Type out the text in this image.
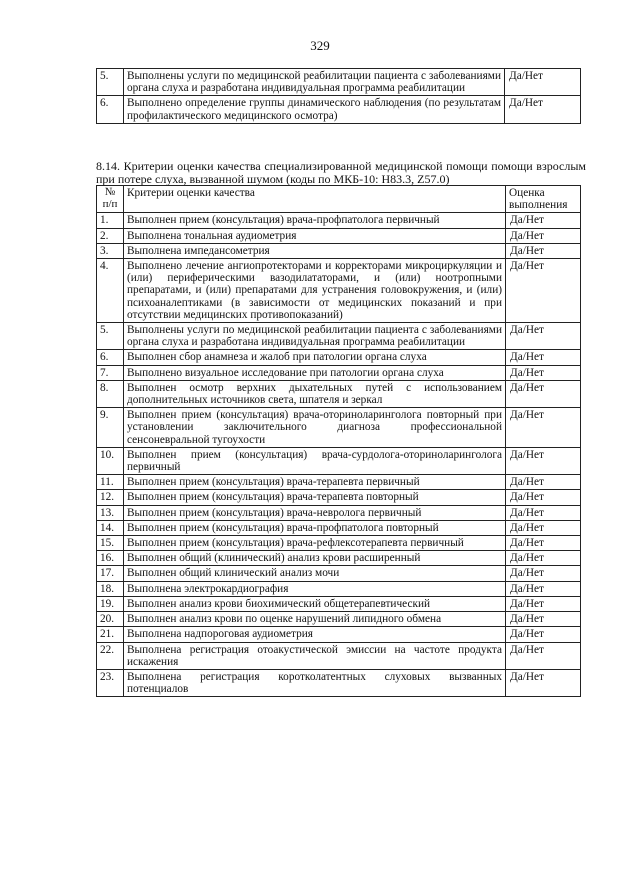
329
5.	Выполнены услуги по медицинской реабилитации пациента с заболеваниями органа слуха и разработана индивидуальная программа реабилитации	Да/Нет
6.	Выполнено определение группы динамического наблюдения (по результатам профилактического медицинского осмотра)	Да/Нет
8.14. Критерии оценки качества специализированной медицинской помощи помощи взрослым при потере слуха, вызванной шумом (коды по МКБ-10: H83.3, Z57.0)
№ п/п	Критерии оценки качества	Оценка выполнения
1.	Выполнен прием (консультация) врача-профпатолога первичный	Да/Нет
2.	Выполнена тональная аудиометрия	Да/Нет
3.	Выполнена импедансометрия	Да/Нет
4.	Выполнено лечение ангиопротекторами и корректорами микроциркуляции и (или) периферическими вазодилататорами, и (или) ноотропными препаратами, и (или) препаратами для устранения головокружения, и (или) психоаналептиками (в зависимости от медицинских показаний и при отсутствии медицинских противопоказаний)	Да/Нет
5.	Выполнены услуги по медицинской реабилитации пациента с заболеваниями органа слуха и разработана индивидуальная программа реабилитации	Да/Нет
6.	Выполнен сбор анамнеза и жалоб при патологии органа слуха	Да/Нет
7.	Выполнено визуальное исследование при патологии органа слуха	Да/Нет
8.	Выполнен осмотр верхних дыхательных путей с использованием дополнительных источников света, шпателя и зеркал	Да/Нет
9.	Выполнен прием (консультация) врача-оториноларинголога повторный при установлении заключительного диагноза профессиональной сенсоневральной тугоухости	Да/Нет
10.	Выполнен прием (консультация) врача-сурдолога-оториноларинголога первичный	Да/Нет
11.	Выполнен прием (консультация) врача-терапевта первичный	Да/Нет
12.	Выполнен прием (консультация) врача-терапевта повторный	Да/Нет
13.	Выполнен прием (консультация) врача-невролога первичный	Да/Нет
14.	Выполнен прием (консультация) врача-профпатолога повторный	Да/Нет
15.	Выполнен прием (консультация) врача-рефлексотерапевта первичный	Да/Нет
16.	Выполнен общий (клинический) анализ крови расширенный	Да/Нет
17.	Выполнен общий клинический анализ мочи	Да/Нет
18.	Выполнена электрокардиография	Да/Нет
19.	Выполнен анализ крови биохимический общетерапевтический	Да/Нет
20.	Выполнен анализ крови по оценке нарушений липидного обмена	Да/Нет
21.	Выполнена надпороговая аудиометрия	Да/Нет
22.	Выполнена регистрация отоакустической эмиссии на частоте продукта искажения	Да/Нет
23.	Выполнена регистрация коротколатентных слуховых вызванных потенциалов	Да/Нет
